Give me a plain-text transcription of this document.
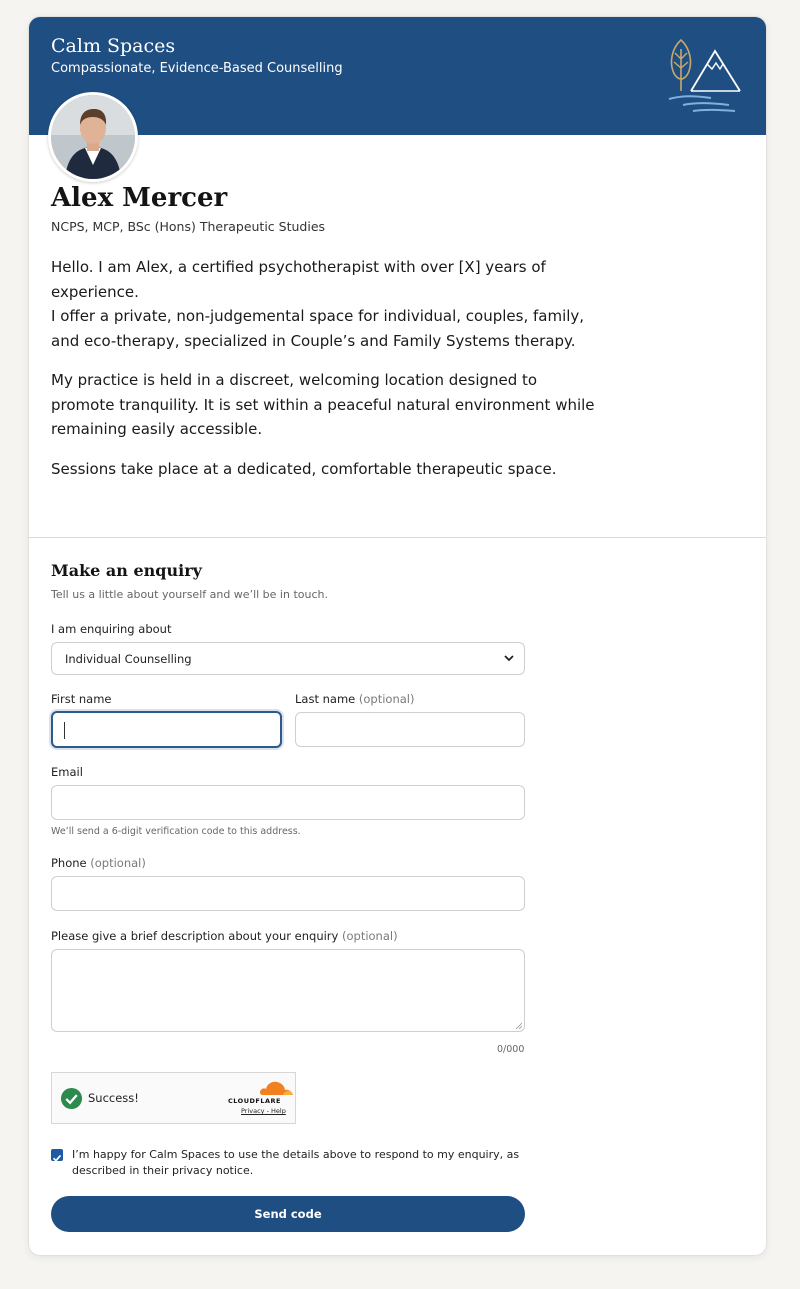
Calm Spaces
Compassionate, Evidence-Based Counselling
Alex Mercer
NCPS, MCP, BSc (Hons) Therapeutic Studies

Hello. I am Alex, a certified psychotherapist with over [X] years of experience.
I offer a private, non-judgemental space for individual, couples, family, and eco-therapy, specialized in Couple’s and Family Systems therapy.

My practice is held in a discreet, welcoming location designed to promote tranquility. It is set within a peaceful natural environment while remaining easily accessible.

Sessions take place at a dedicated, comfortable therapeutic space.

Make an enquiry
Tell us a little about yourself and we’ll be in touch.
I am enquiring about
Individual Counselling
First name	Last name (optional)
Email
We’ll send a 6-digit verification code to this address.
Phone (optional)
Please give a brief description about your enquiry (optional)
0/000
Success!	CLOUDFLARE
Privacy - Help
I’m happy for Calm Spaces to use the details above to respond to my enquiry, as described in their privacy notice.
Send code
